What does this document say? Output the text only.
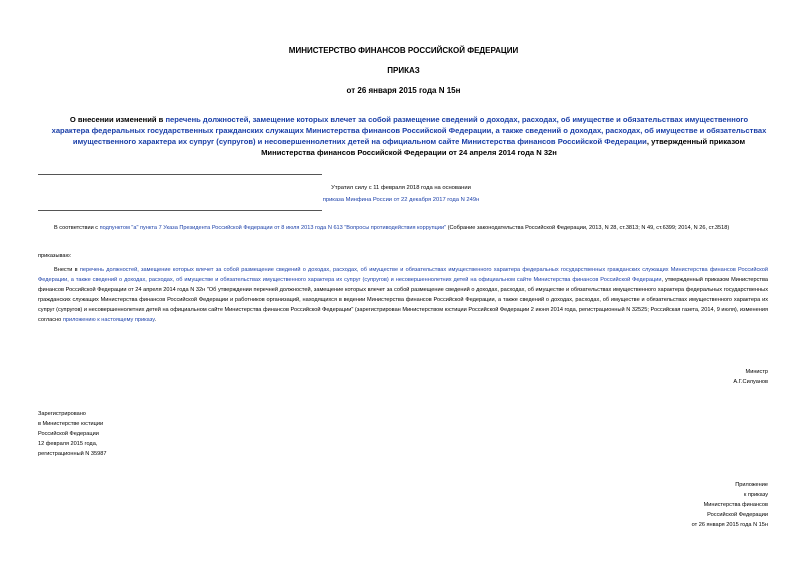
МИНИСТЕРСТВО ФИНАНСОВ РОССИЙСКОЙ ФЕДЕРАЦИИ
ПРИКАЗ
от 26 января 2015 года N 15н

О внесении изменений в перечень должностей, замещение которых влечет за собой размещение сведений о доходах, расходах, об имуществе и обязательствах имущественного характера федеральных государственных гражданских служащих Министерства финансов Российской Федерации, а также сведений о доходах, расходах, об имуществе и обязательствах имущественного характера их супруг (супругов) и несовершеннолетних детей на официальном сайте Министерства финансов Российской Федерации, утвержденный приказом Министерства финансов Российской Федерации от 24 апреля 2014 года N 32н

Утратил силу с 11 февраля 2018 года на основании
приказа Минфина России от 22 декабря 2017 года N 249н

В соответствии с подпунктом "а" пункта 7 Указа Президента Российской Федерации от 8 июля 2013 года N 613 "Вопросы противодействия коррупции" (Собрание законодательства Российской Федерации, 2013, N 28, ст.3813; N 49, ст.6399; 2014, N 26, ст.3518)

приказываю:

Внести в перечень должностей, замещение которых влечет за собой размещение сведений о доходах, расходах, об имуществе и обязательствах имущественного характера федеральных государственных гражданских служащих Министерства финансов Российской Федерации, а также сведений о доходах, расходах, об имуществе и обязательствах имущественного характера их супруг (супругов) и несовершеннолетних детей на официальном сайте Министерства финансов Российской Федерации, утвержденный приказом Министерства финансов Российской Федерации от 24 апреля 2014 года N 32н "Об утверждении перечней должностей, замещение которых влечет за собой размещение сведений о доходах, расходах, об имуществе и обязательствах имущественного характера федеральных государственных гражданских служащих Министерства финансов Российской Федерации и работников организаций, находящихся в ведении Министерства финансов Российской Федерации, а также сведений о доходах, расходах, об имуществе и обязательствах имущественного характера их супруг (супругов) и несовершеннолетних детей на официальном сайте Министерства финансов Российской Федерации" (зарегистрирован Министерством юстиции Российской Федерации 2 июня 2014 года, регистрационный N 32525; Российская газета, 2014, 9 июля), изменения согласно приложению к настоящему приказу.

Министр
А.Г.Силуанов
Зарегистрировано
в Министерстве юстиции
Российской Федерации
12 февраля 2015 года,
регистрационный N 35987
Приложение
к приказу
Министерства финансов
Российской Федерации
от 26 января 2015 года N 15н
